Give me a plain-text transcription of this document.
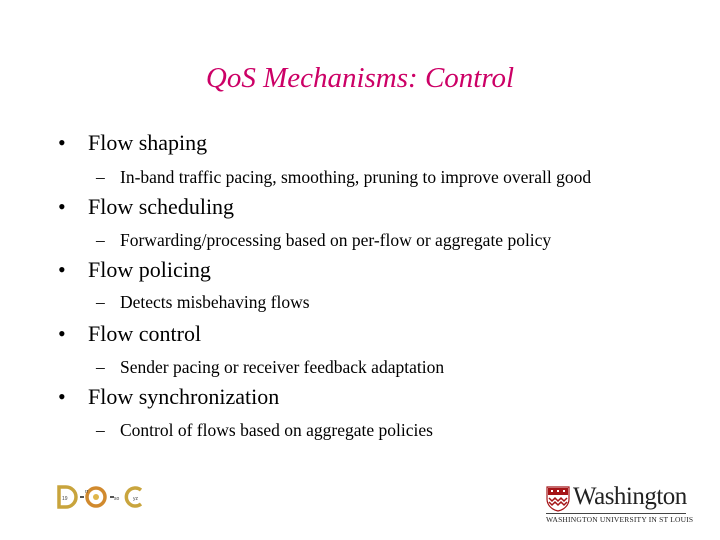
QoS Mechanisms: Control
• Flow shaping
– In-band traffic pacing, smoothing, pruning to improve overall good
• Flow scheduling
– Forwarding/processing based on per-flow or aggregate policy
• Flow policing
– Detects misbehaving flows
• Flow control
– Sender pacing or receiver feedback adaptation
• Flow synchronization
– Control of flows based on aggregate policies
19
rr
so	yz	Washington
WASHINGTON UNIVERSITY IN ST LOUIS
